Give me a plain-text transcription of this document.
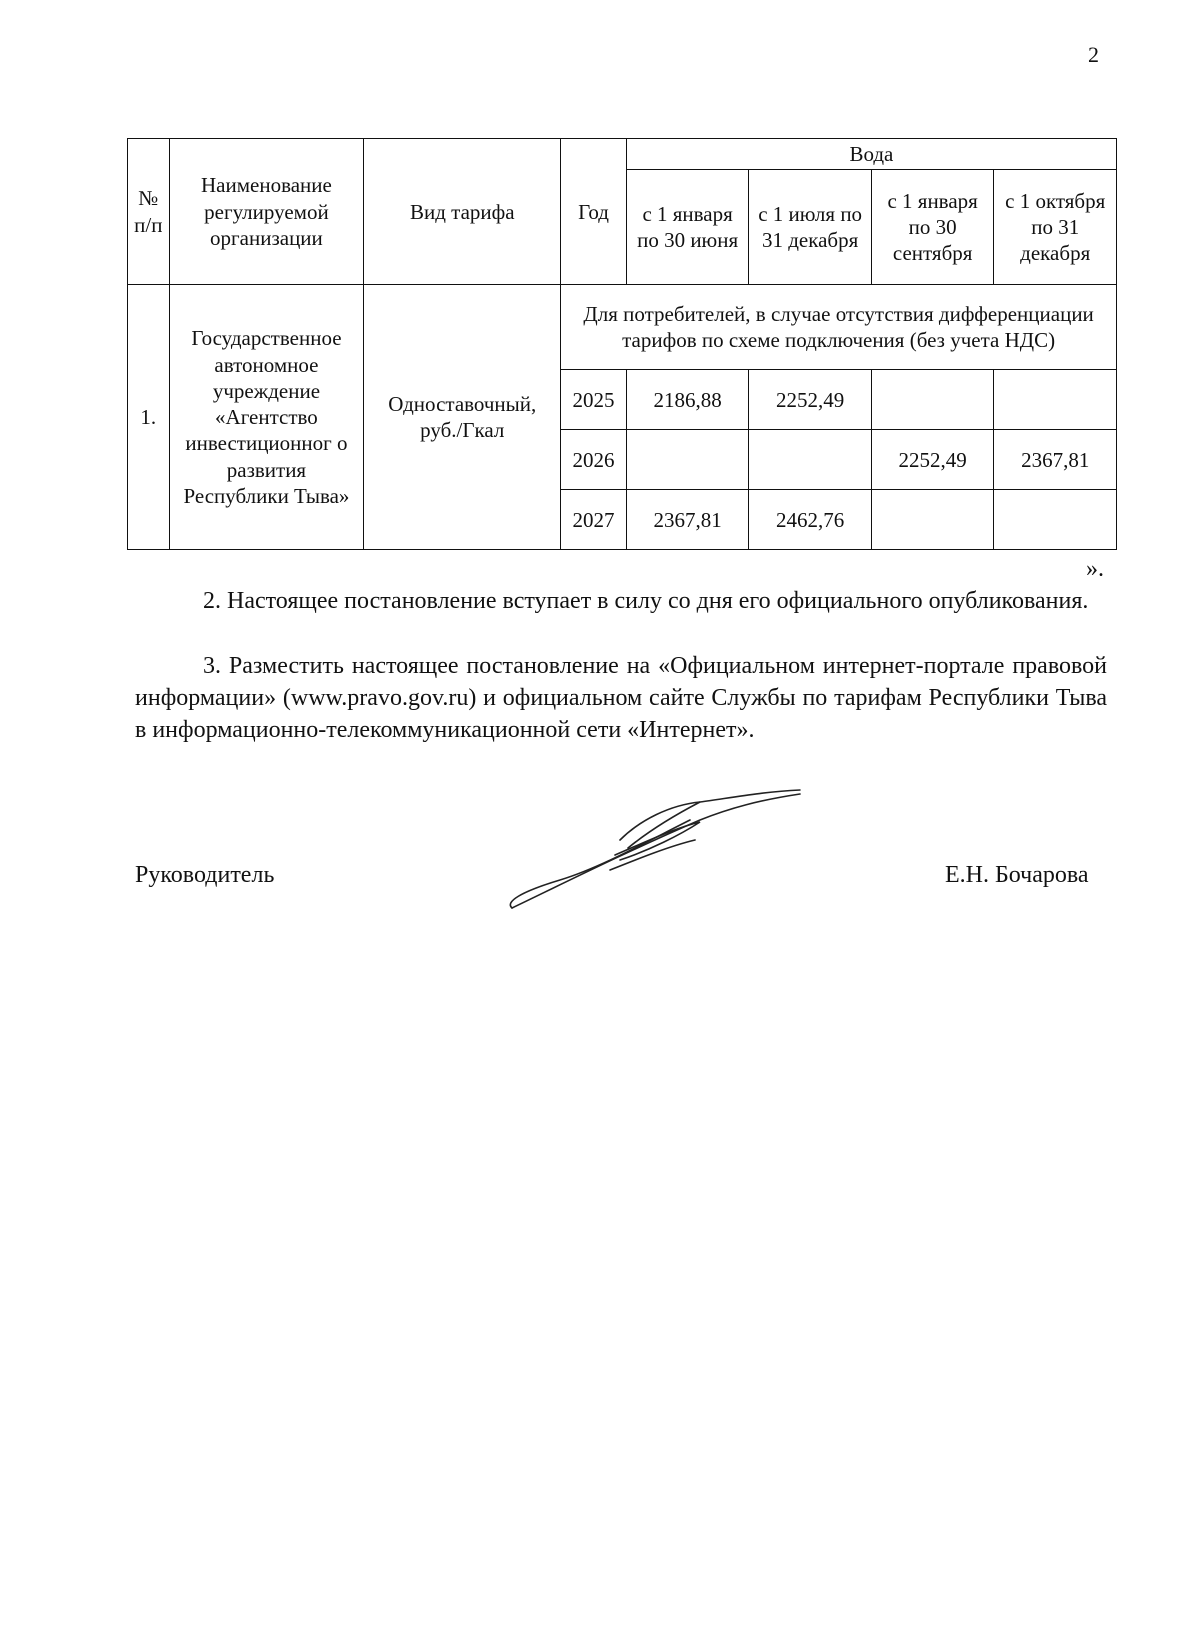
2
№ п/п	Наименование регулируемой организации	Вид тарифа	Год	Вода			
				с 1 января по 30 июня	с 1 июля по 31 декабря	с 1 января по 30 сентября	с 1 октября по 31 декабря
1.	Государственное автономное учреждение «Агентство инвестиционног о развития Республики Тыва»	Одноставочный, руб./Гкал	Для потребителей, в случае отсутствия дифференциации тарифов по схеме подключения (без учета НДС)				
			2025	2186,88	2252,49		
			2026			2252,49	2367,81
			2027	2367,81	2462,76		
».

2. Настоящее постановление вступает в силу со дня его официального опубликования.

3. Разместить настоящее постановление на «Официальном интернет-портале правовой информации» (www.pravo.gov.ru) и официальном сайте Службы по тарифам Республики Тыва в информационно-телекоммуникационной сети «Интернет».

Руководитель	Е.Н. Бочарова
